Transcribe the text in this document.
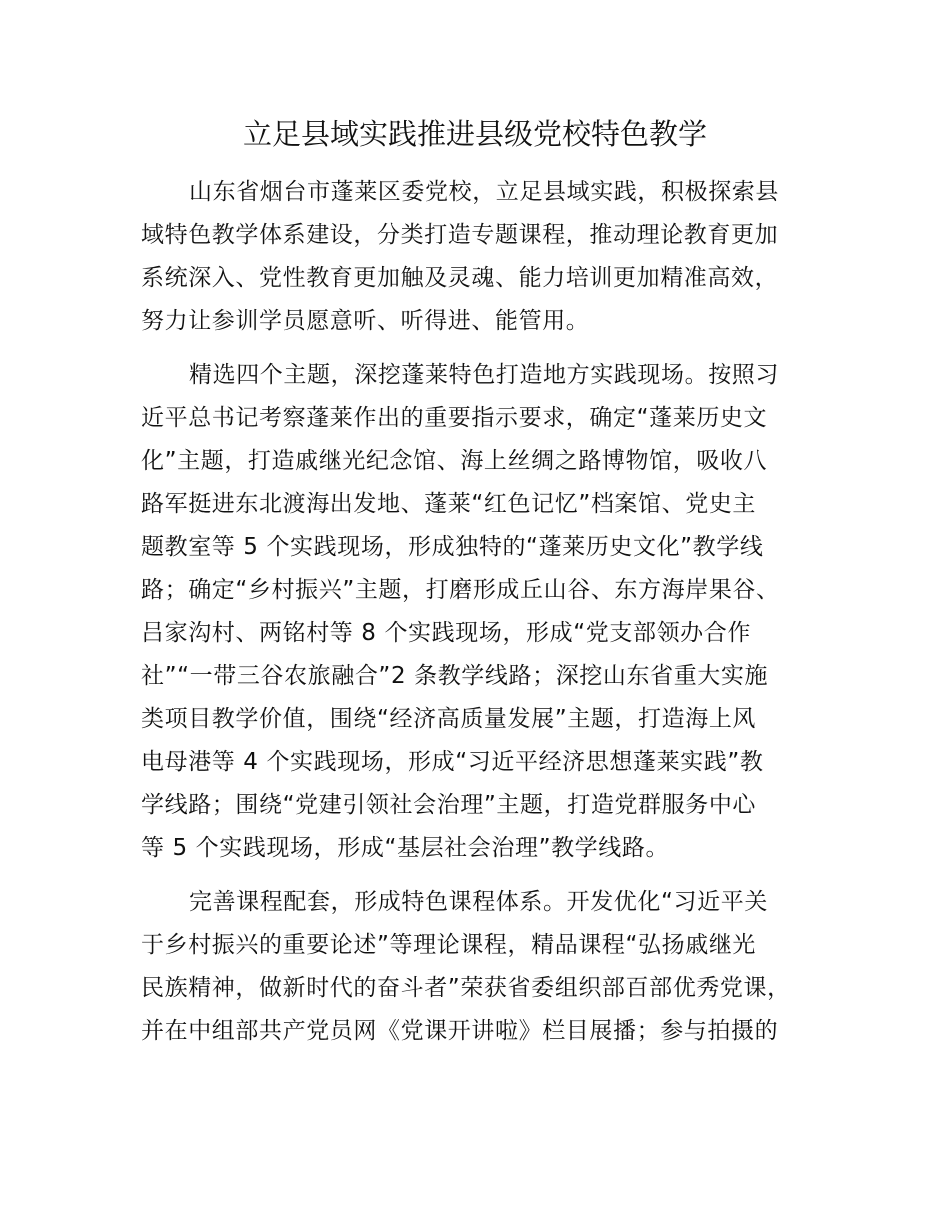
立足县域实践推进县级党校特色教学
山东省烟台市蓬莱区委党校，立足县域实践，积极探索县
域特色教学体系建设，分类打造专题课程，推动理论教育更加
系统深入、党性教育更加触及灵魂、能力培训更加精准高效，
努力让参训学员愿意听、听得进、能管用。
精选四个主题，深挖蓬莱特色打造地方实践现场。按照习
近平总书记考察蓬莱作出的重要指示要求，确定“蓬莱历史文
化”主题，打造戚继光纪念馆、海上丝绸之路博物馆，吸收八
路军挺进东北渡海出发地、蓬莱“红色记忆”档案馆、党史主
题教室等 5 个实践现场，形成独特的“蓬莱历史文化”教学线
路；确定“乡村振兴”主题，打磨形成丘山谷、东方海岸果谷、
吕家沟村、两铭村等 8 个实践现场，形成“党支部领办合作
社”“一带三谷农旅融合”2 条教学线路；深挖山东省重大实施
类项目教学价值，围绕“经济高质量发展”主题，打造海上风
电母港等 4 个实践现场，形成“习近平经济思想蓬莱实践”教
学线路；围绕“党建引领社会治理”主题，打造党群服务中心
等 5 个实践现场，形成“基层社会治理”教学线路。
完善课程配套，形成特色课程体系。开发优化“习近平关
于乡村振兴的重要论述”等理论课程，精品课程“弘扬戚继光
民族精神，做新时代的奋斗者”荣获省委组织部百部优秀党课，
并在中组部共产党员网《党课开讲啦》栏目展播；参与拍摄的
